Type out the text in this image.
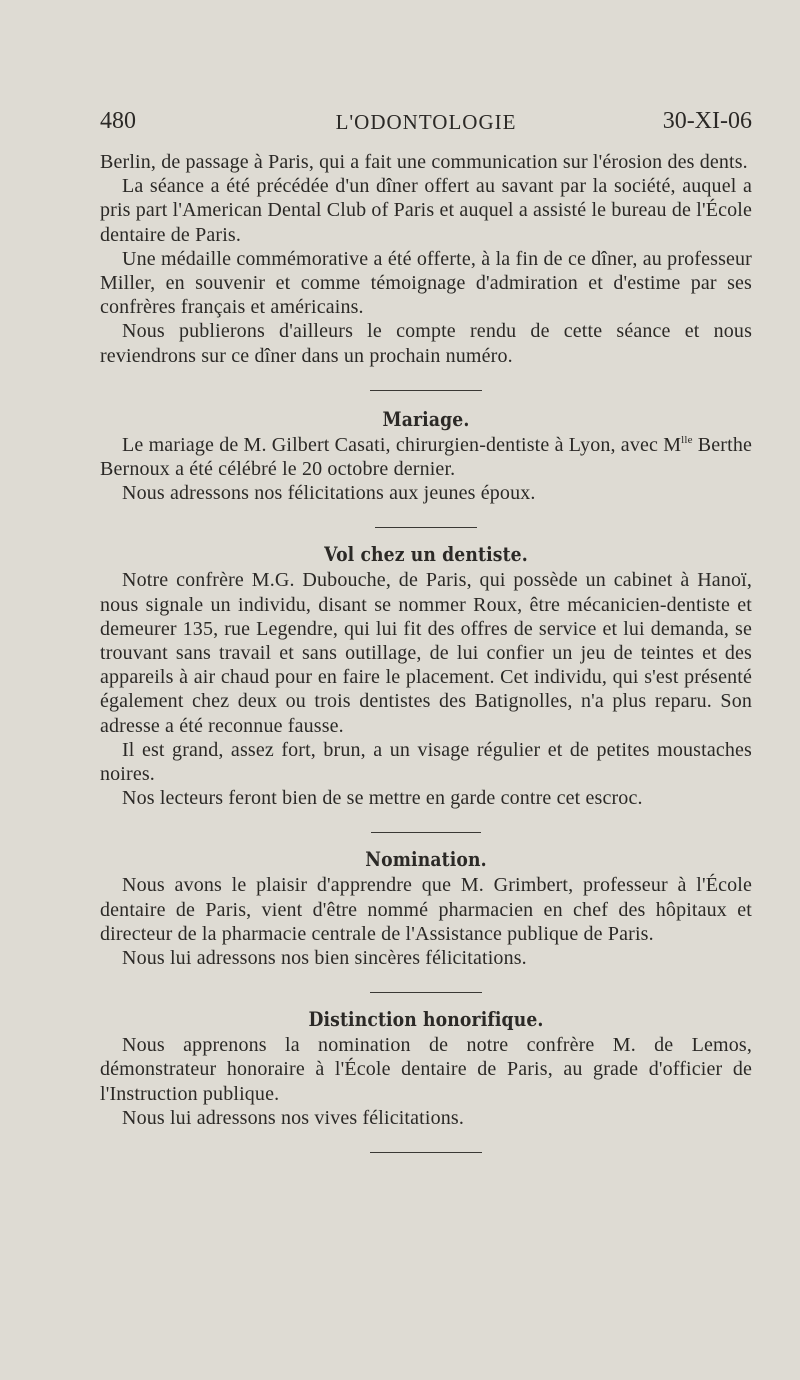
480	L'ODONTOLOGIE	30-XI-06

Berlin, de passage à Paris, qui a fait une communication sur l'érosion des dents.

La séance a été précédée d'un dîner offert au savant par la société, auquel a pris part l'American Dental Club of Paris et auquel a assisté le bureau de l'École dentaire de Paris.

Une médaille commémorative a été offerte, à la fin de ce dîner, au professeur Miller, en souvenir et comme témoignage d'admiration et d'estime par ses confrères français et américains.

Nous publierons d'ailleurs le compte rendu de cette séance et nous reviendrons sur ce dîner dans un prochain numéro.

Mariage.

Le mariage de M. Gilbert Casati, chirurgien-dentiste à Lyon, avec $M^{lle}$ Berthe Bernoux a été célébré le 20 octobre dernier.

Nous adressons nos félicitations aux jeunes époux.

Vol chez un dentiste.

Notre confrère M.G. Dubouche, de Paris, qui possède un cabinet à Hanoï, nous signale un individu, disant se nommer Roux, être mécanicien-dentiste et demeurer 135, rue Legendre, qui lui fit des offres de service et lui demanda, se trouvant sans travail et sans outillage, de lui confier un jeu de teintes et des appareils à air chaud pour en faire le placement. Cet individu, qui s'est présenté également chez deux ou trois dentistes des Batignolles, n'a plus reparu. Son adresse a été reconnue fausse.

Il est grand, assez fort, brun, a un visage régulier et de petites moustaches noires.

Nos lecteurs feront bien de se mettre en garde contre cet escroc.

Nomination.

Nous avons le plaisir d'apprendre que M. Grimbert, professeur à l'École dentaire de Paris, vient d'être nommé pharmacien en chef des hôpitaux et directeur de la pharmacie centrale de l'Assistance publique de Paris.

Nous lui adressons nos bien sincères félicitations.

Distinction honorifique.

Nous apprenons la nomination de notre confrère M. de Lemos, démonstrateur honoraire à l'École dentaire de Paris, au grade d'officier de l'Instruction publique.

Nous lui adressons nos vives félicitations.
